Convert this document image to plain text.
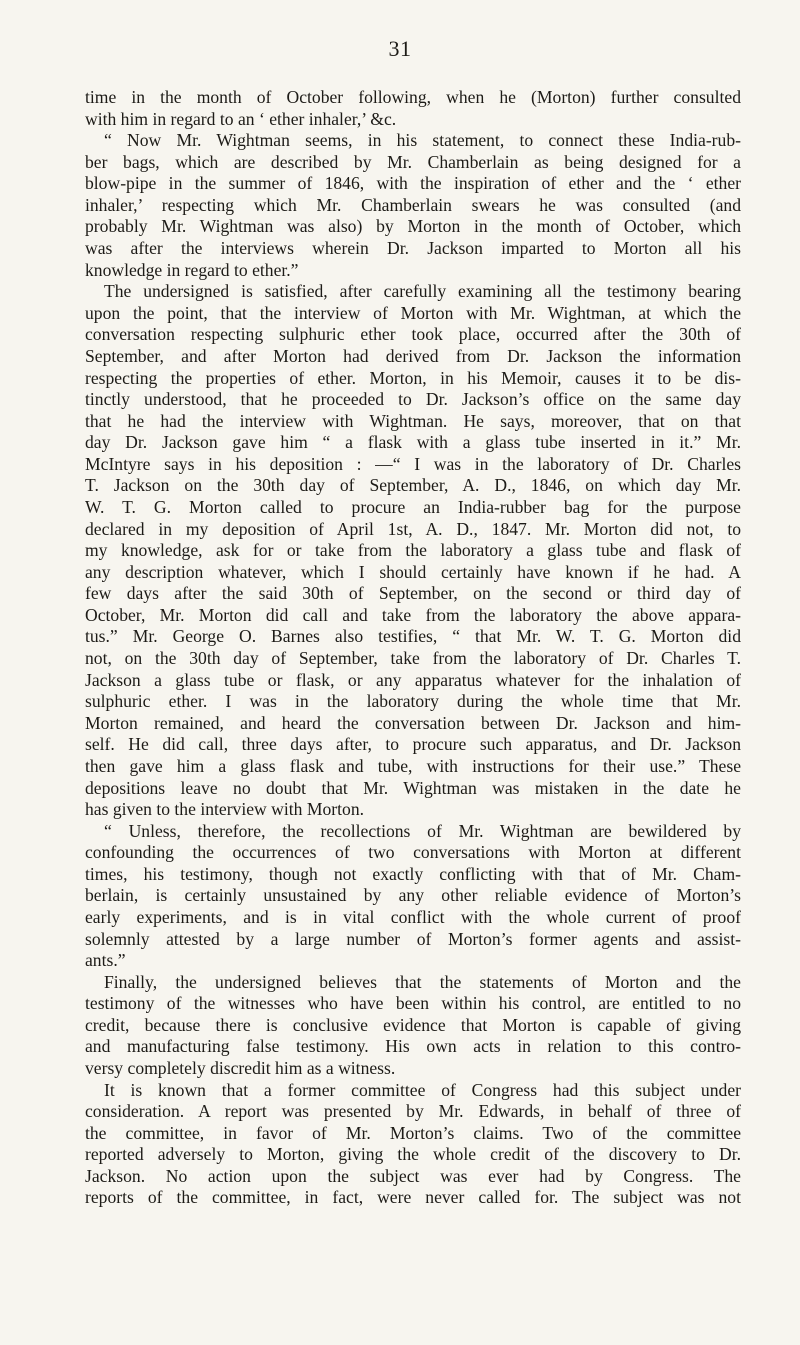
31
time in the month of October following, when he (Morton) further consulted
with him in regard to an ‘ ether inhaler,’ &c.
“ Now Mr. Wightman seems, in his statement, to connect these India-rub-
ber bags, which are described by Mr. Chamberlain as being designed for a
blow-pipe in the summer of 1846, with the inspiration of ether and the ‘ ether
inhaler,’ respecting which Mr. Chamberlain swears he was consulted (and
probably Mr. Wightman was also) by Morton in the month of October, which
was after the interviews wherein Dr. Jackson imparted to Morton all his
knowledge in regard to ether.”
The undersigned is satisfied, after carefully examining all the testimony bearing
upon the point, that the interview of Morton with Mr. Wightman, at which the
conversation respecting sulphuric ether took place, occurred after the 30th of
September, and after Morton had derived from Dr. Jackson the information
respecting the properties of ether. Morton, in his Memoir, causes it to be dis-
tinctly understood, that he proceeded to Dr. Jackson’s office on the same day
that he had the interview with Wightman. He says, moreover, that on that
day Dr. Jackson gave him “ a flask with a glass tube inserted in it.” Mr.
McIntyre says in his deposition : —“ I was in the laboratory of Dr. Charles
T. Jackson on the 30th day of September, A. D., 1846, on which day Mr.
W. T. G. Morton called to procure an India-rubber bag for the purpose
declared in my deposition of April 1st, A. D., 1847. Mr. Morton did not, to
my knowledge, ask for or take from the laboratory a glass tube and flask of
any description whatever, which I should certainly have known if he had. A
few days after the said 30th of September, on the second or third day of
October, Mr. Morton did call and take from the laboratory the above appara-
tus.” Mr. George O. Barnes also testifies, “ that Mr. W. T. G. Morton did
not, on the 30th day of September, take from the laboratory of Dr. Charles T.
Jackson a glass tube or flask, or any apparatus whatever for the inhalation of
sulphuric ether. I was in the laboratory during the whole time that Mr.
Morton remained, and heard the conversation between Dr. Jackson and him-
self. He did call, three days after, to procure such apparatus, and Dr. Jackson
then gave him a glass flask and tube, with instructions for their use.” These
depositions leave no doubt that Mr. Wightman was mistaken in the date he
has given to the interview with Morton.
“ Unless, therefore, the recollections of Mr. Wightman are bewildered by
confounding the occurrences of two conversations with Morton at different
times, his testimony, though not exactly conflicting with that of Mr. Cham-
berlain, is certainly unsustained by any other reliable evidence of Morton’s
early experiments, and is in vital conflict with the whole current of proof
solemnly attested by a large number of Morton’s former agents and assist-
ants.”
Finally, the undersigned believes that the statements of Morton and the
testimony of the witnesses who have been within his control, are entitled to no
credit, because there is conclusive evidence that Morton is capable of giving
and manufacturing false testimony. His own acts in relation to this contro-
versy completely discredit him as a witness.
It is known that a former committee of Congress had this subject under
consideration. A report was presented by Mr. Edwards, in behalf of three of
the committee, in favor of Mr. Morton’s claims. Two of the committee
reported adversely to Morton, giving the whole credit of the discovery to Dr.
Jackson. No action upon the subject was ever had by Congress. The
reports of the committee, in fact, were never called for. The subject was not
